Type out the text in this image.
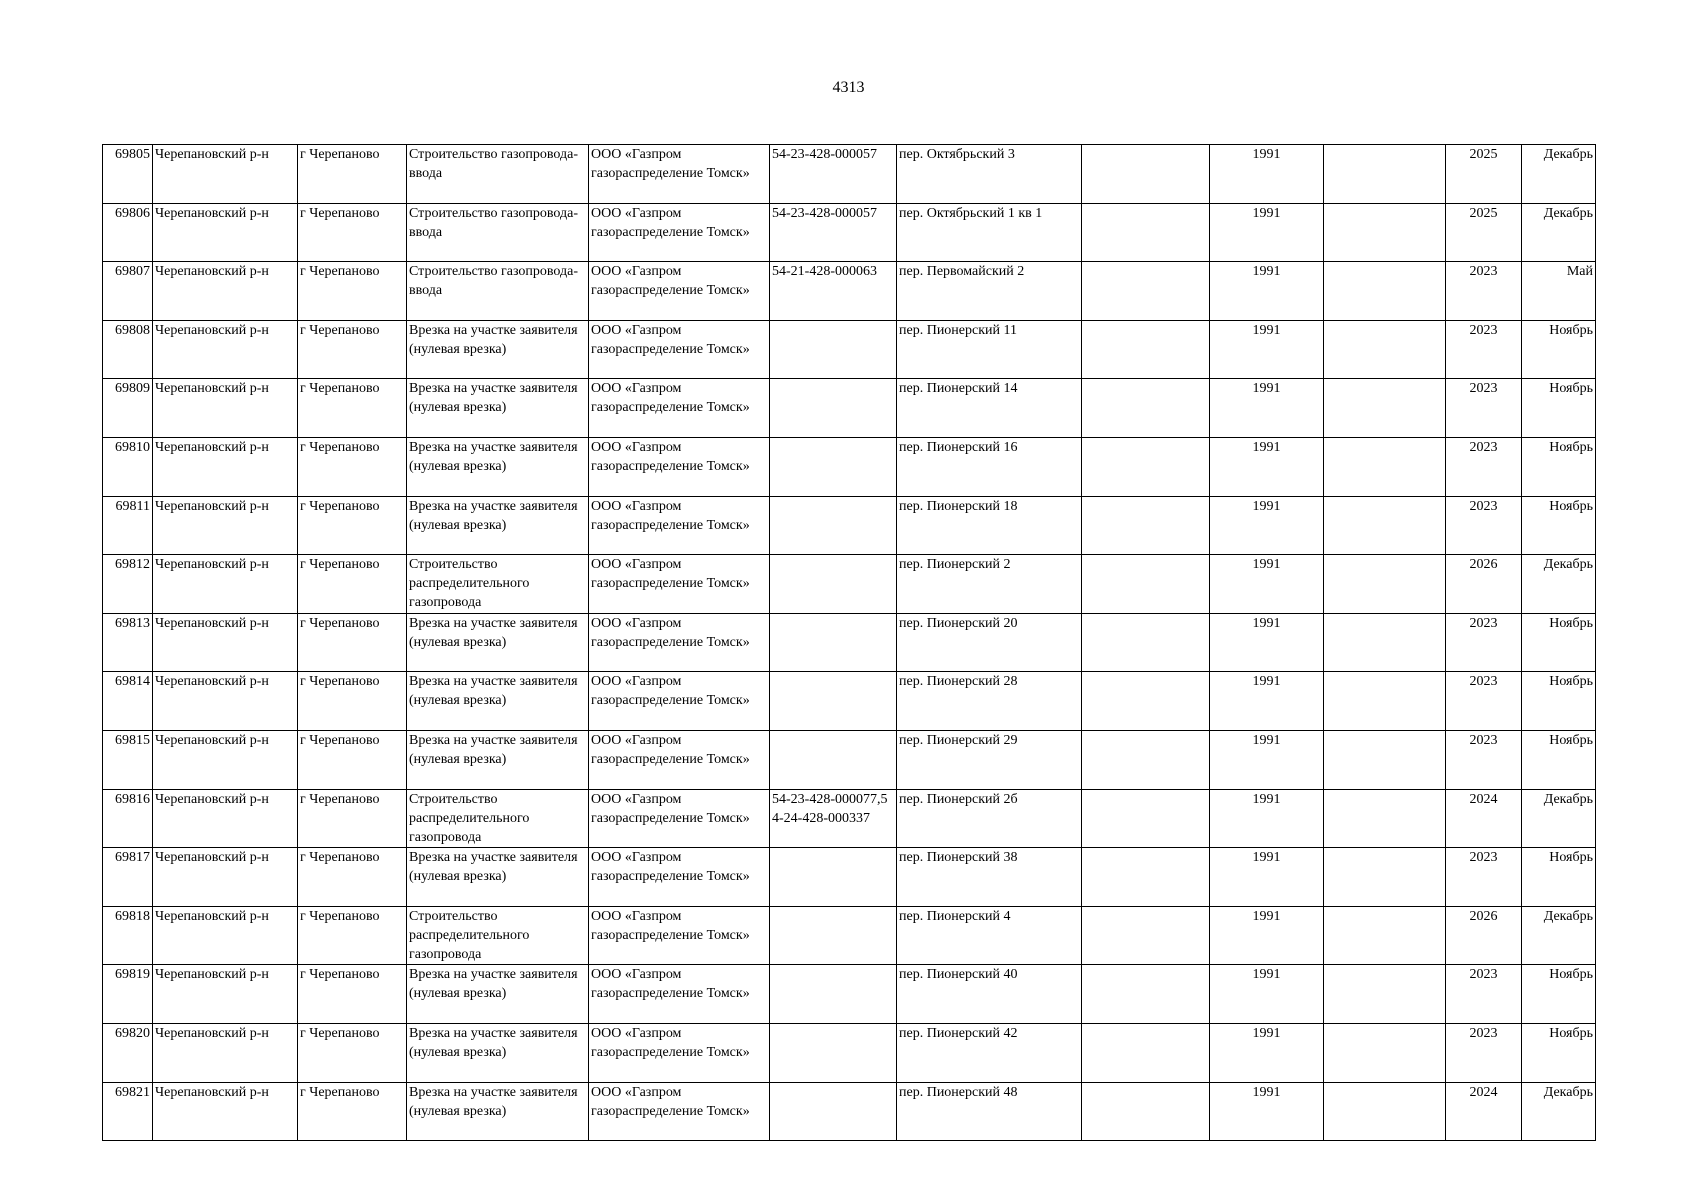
4313
69805	Черепановский р-н	г Черепаново	Строительство газопровода-ввода	ООО «Газпром газораспределение Томск»	54-23-428-000057	пер. Октябрьский 3		1991		2025	Декабрь
69806	Черепановский р-н	г Черепаново	Строительство газопровода-ввода	ООО «Газпром газораспределение Томск»	54-23-428-000057	пер. Октябрьский 1 кв 1		1991		2025	Декабрь
69807	Черепановский р-н	г Черепаново	Строительство газопровода-ввода	ООО «Газпром газораспределение Томск»	54-21-428-000063	пер. Первомайский 2		1991		2023	Май
69808	Черепановский р-н	г Черепаново	Врезка на участке заявителя (нулевая врезка)	ООО «Газпром газораспределение Томск»		пер. Пионерский 11		1991		2023	Ноябрь
69809	Черепановский р-н	г Черепаново	Врезка на участке заявителя (нулевая врезка)	ООО «Газпром газораспределение Томск»		пер. Пионерский 14		1991		2023	Ноябрь
69810	Черепановский р-н	г Черепаново	Врезка на участке заявителя (нулевая врезка)	ООО «Газпром газораспределение Томск»		пер. Пионерский 16		1991		2023	Ноябрь
69811	Черепановский р-н	г Черепаново	Врезка на участке заявителя (нулевая врезка)	ООО «Газпром газораспределение Томск»		пер. Пионерский 18		1991		2023	Ноябрь
69812	Черепановский р-н	г Черепаново	Строительство распределительного газопровода	ООО «Газпром газораспределение Томск»		пер. Пионерский 2		1991		2026	Декабрь
69813	Черепановский р-н	г Черепаново	Врезка на участке заявителя (нулевая врезка)	ООО «Газпром газораспределение Томск»		пер. Пионерский 20		1991		2023	Ноябрь
69814	Черепановский р-н	г Черепаново	Врезка на участке заявителя (нулевая врезка)	ООО «Газпром газораспределение Томск»		пер. Пионерский 28		1991		2023	Ноябрь
69815	Черепановский р-н	г Черепаново	Врезка на участке заявителя (нулевая врезка)	ООО «Газпром газораспределение Томск»		пер. Пионерский 29		1991		2023	Ноябрь
69816	Черепановский р-н	г Черепаново	Строительство распределительного газопровода	ООО «Газпром газораспределение Томск»	54-23-428-000077,54-24-428-000337	пер. Пионерский 2б		1991		2024	Декабрь
69817	Черепановский р-н	г Черепаново	Врезка на участке заявителя (нулевая врезка)	ООО «Газпром газораспределение Томск»		пер. Пионерский 38		1991		2023	Ноябрь
69818	Черепановский р-н	г Черепаново	Строительство распределительного газопровода	ООО «Газпром газораспределение Томск»		пер. Пионерский 4		1991		2026	Декабрь
69819	Черепановский р-н	г Черепаново	Врезка на участке заявителя (нулевая врезка)	ООО «Газпром газораспределение Томск»		пер. Пионерский 40		1991		2023	Ноябрь
69820	Черепановский р-н	г Черепаново	Врезка на участке заявителя (нулевая врезка)	ООО «Газпром газораспределение Томск»		пер. Пионерский 42		1991		2023	Ноябрь
69821	Черепановский р-н	г Черепаново	Врезка на участке заявителя (нулевая врезка)	ООО «Газпром газораспределение Томск»		пер. Пионерский 48		1991		2024	Декабрь
